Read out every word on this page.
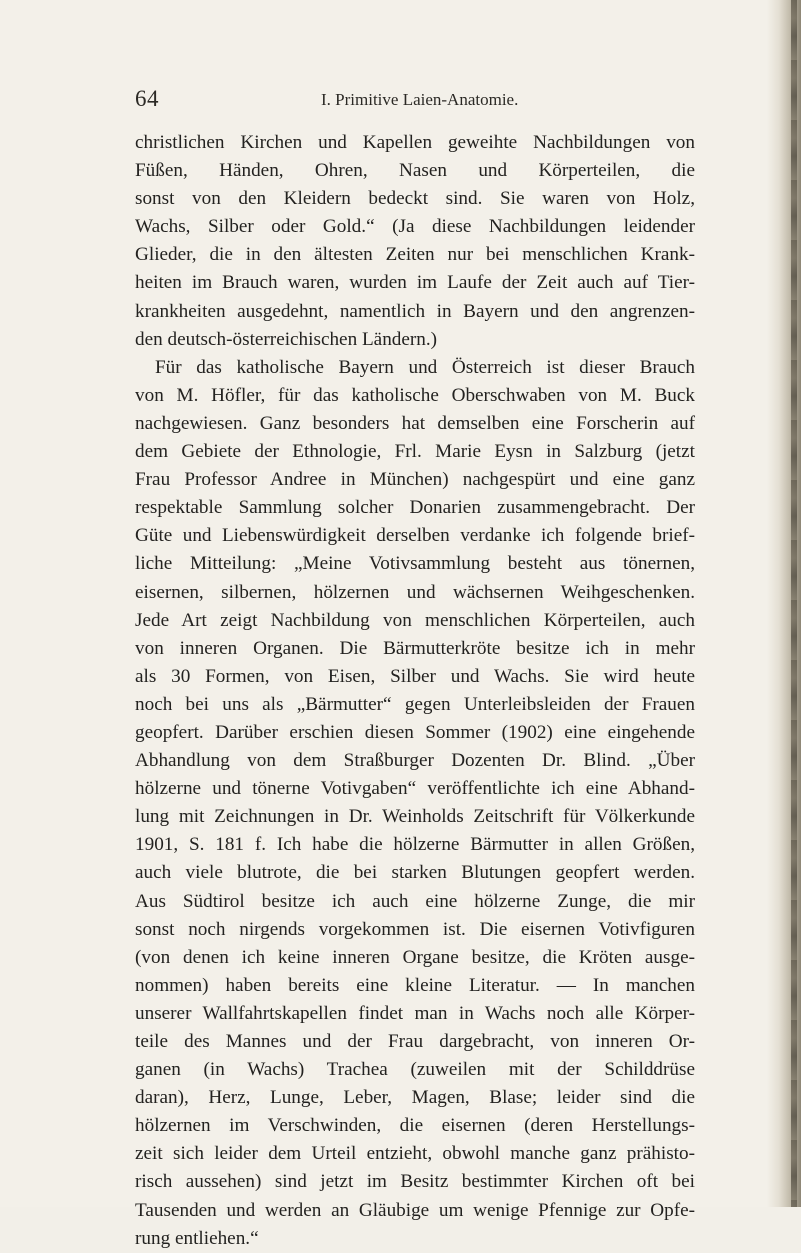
64	I. Primitive Laien-Anatomie.
christlichen Kirchen und Kapellen geweihte Nachbildungen von
Füßen, Händen, Ohren, Nasen und Körperteilen, die
sonst von den Kleidern bedeckt sind. Sie waren von Holz,
Wachs, Silber oder Gold.“ (Ja diese Nachbildungen leidender
Glieder, die in den ältesten Zeiten nur bei menschlichen Krank-
heiten im Brauch waren, wurden im Laufe der Zeit auch auf Tier-
krankheiten ausgedehnt, namentlich in Bayern und den angrenzen-
den deutsch-österreichischen Ländern.)
Für das katholische Bayern und Österreich ist dieser Brauch
von M. Höfler, für das katholische Oberschwaben von M. Buck
nachgewiesen. Ganz besonders hat demselben eine Forscherin auf
dem Gebiete der Ethnologie, Frl. Marie Eysn in Salzburg (jetzt
Frau Professor Andree in München) nachgespürt und eine ganz
respektable Sammlung solcher Donarien zusammengebracht. Der
Güte und Liebenswürdigkeit derselben verdanke ich folgende brief-
liche Mitteilung: „Meine Votivsammlung besteht aus tönernen,
eisernen, silbernen, hölzernen und wächsernen Weihgeschenken.
Jede Art zeigt Nachbildung von menschlichen Körperteilen, auch
von inneren Organen. Die Bärmutterkröte besitze ich in mehr
als 30 Formen, von Eisen, Silber und Wachs. Sie wird heute
noch bei uns als „Bärmutter“ gegen Unterleibsleiden der Frauen
geopfert. Darüber erschien diesen Sommer (1902) eine eingehende
Abhandlung von dem Straßburger Dozenten Dr. Blind. „Über
hölzerne und tönerne Votivgaben“ veröffentlichte ich eine Abhand-
lung mit Zeichnungen in Dr. Weinholds Zeitschrift für Völkerkunde
1901, S. 181 f. Ich habe die hölzerne Bärmutter in allen Größen,
auch viele blutrote, die bei starken Blutungen geopfert werden.
Aus Südtirol besitze ich auch eine hölzerne Zunge, die mir
sonst noch nirgends vorgekommen ist. Die eisernen Votivfiguren
(von denen ich keine inneren Organe besitze, die Kröten ausge-
nommen) haben bereits eine kleine Literatur. — In manchen
unserer Wallfahrtskapellen findet man in Wachs noch alle Körper-
teile des Mannes und der Frau dargebracht, von inneren Or-
ganen (in Wachs) Trachea (zuweilen mit der Schilddrüse
daran), Herz, Lunge, Leber, Magen, Blase; leider sind die
hölzernen im Verschwinden, die eisernen (deren Herstellungs-
zeit sich leider dem Urteil entzieht, obwohl manche ganz prähisto-
risch aussehen) sind jetzt im Besitz bestimmter Kirchen oft bei
Tausenden und werden an Gläubige um wenige Pfennige zur Opfe-
rung entliehen.“
